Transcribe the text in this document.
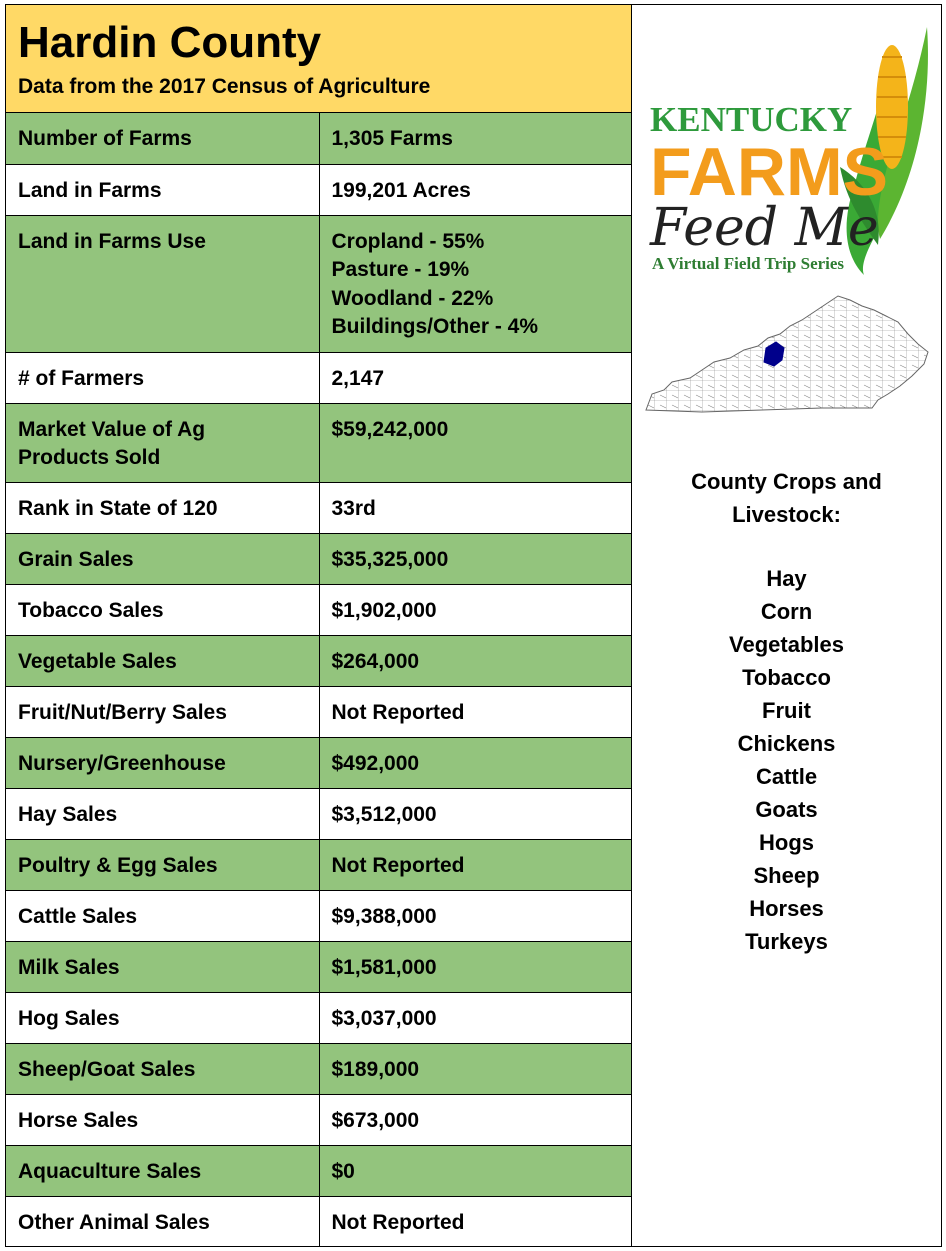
Hardin County
Data from the 2017 Census of Agriculture
Number of Farms	1,305 Farms

Land in Farms	199,201 Acres

Land in Farms Use	Cropland - 55%
Pasture - 19%
Woodland - 22%
Buildings/Other - 4%

# of Farmers	2,147

Market Value of Ag Products Sold	$59,242,000

Rank in State of 120	33rd

Grain Sales	$35,325,000

Tobacco Sales	$1,902,000

Vegetable Sales	$264,000

Fruit/Nut/Berry Sales	Not Reported

Nursery/Greenhouse	$492,000

Hay Sales	$3,512,000

Poultry & Egg Sales	Not Reported

Cattle Sales	$9,388,000

Milk Sales	$1,581,000

Hog Sales	$3,037,000

Sheep/Goat Sales	$189,000

Horse Sales	$673,000

Aquaculture Sales	$0

Other Animal Sales	Not Reported
KENTUCKY
FARMS
Feed Me
A Virtual Field Trip Series
County Crops and
Livestock:
Hay
Corn
Vegetables
Tobacco
Fruit
Chickens
Cattle
Goats
Hogs
Sheep
Horses
Turkeys
